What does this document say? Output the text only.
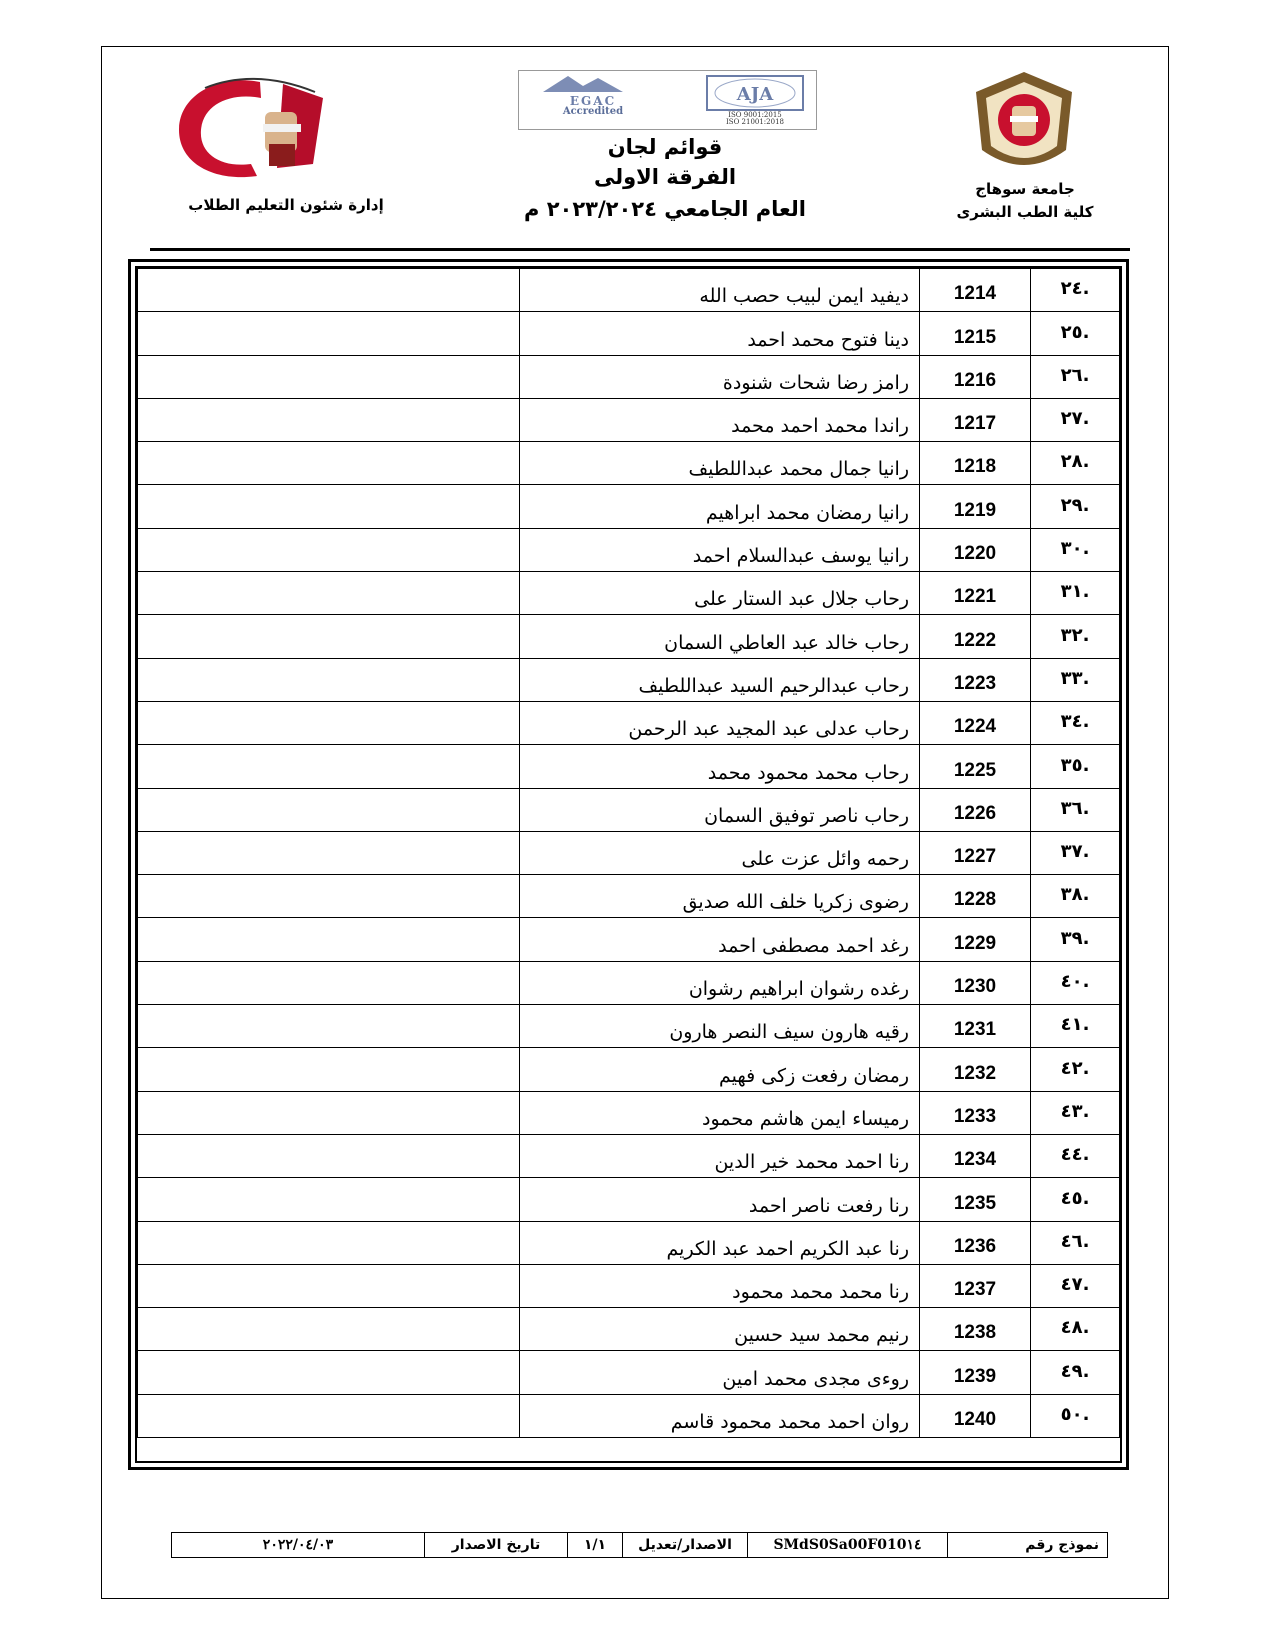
إدارة شئون التعليم الطلاب
EGAC
Accredited
AJA
ISO 9001:2015
ISO 21001:2018
قوائم لجان
الفرقة الاولى
العام الجامعي ٢٠٢٣/٢٠٢٤ م
جامعة سوهاج
كلية الطب البشرى
.٢٤	1214	ديفيد ايمن لبيب حصب الله	
.٢٥	1215	دينا فتوح محمد احمد	
.٢٦	1216	رامز رضا شحات شنودة	
.٢٧	1217	راندا محمد احمد محمد	
.٢٨	1218	رانيا جمال محمد عبداللطيف	
.٢٩	1219	رانيا رمضان محمد ابراهيم	
.٣٠	1220	رانيا يوسف عبدالسلام احمد	
.٣١	1221	رحاب جلال عبد الستار على	
.٣٢	1222	رحاب خالد عبد العاطي السمان	
.٣٣	1223	رحاب عبدالرحيم السيد عبداللطيف	
.٣٤	1224	رحاب عدلى عبد المجيد عبد الرحمن	
.٣٥	1225	رحاب محمد محمود محمد	
.٣٦	1226	رحاب ناصر توفيق السمان	
.٣٧	1227	رحمه وائل عزت على	
.٣٨	1228	رضوى زكريا خلف الله صديق	
.٣٩	1229	رغد احمد مصطفى احمد	
.٤٠	1230	رغده رشوان ابراهيم رشوان	
.٤١	1231	رقيه هارون سيف النصر هارون	
.٤٢	1232	رمضان رفعت زكى فهيم	
.٤٣	1233	رميساء ايمن هاشم محمود	
.٤٤	1234	رنا احمد محمد خير الدين	
.٤٥	1235	رنا رفعت ناصر احمد	
.٤٦	1236	رنا عبد الكريم احمد عبد الكريم	
.٤٧	1237	رنا محمد محمد محمود	
.٤٨	1238	رنيم محمد سيد حسين	
.٤٩	1239	روءى مجدى محمد امين	
.٥٠	1240	روان احمد محمد محمود قاسم	
نموذج رقم
SMdS0Sa00F010١٤
الاصدار/تعديل
١/١
تاريخ الاصدار
٢٠٢٢/٠٤/٠٣
